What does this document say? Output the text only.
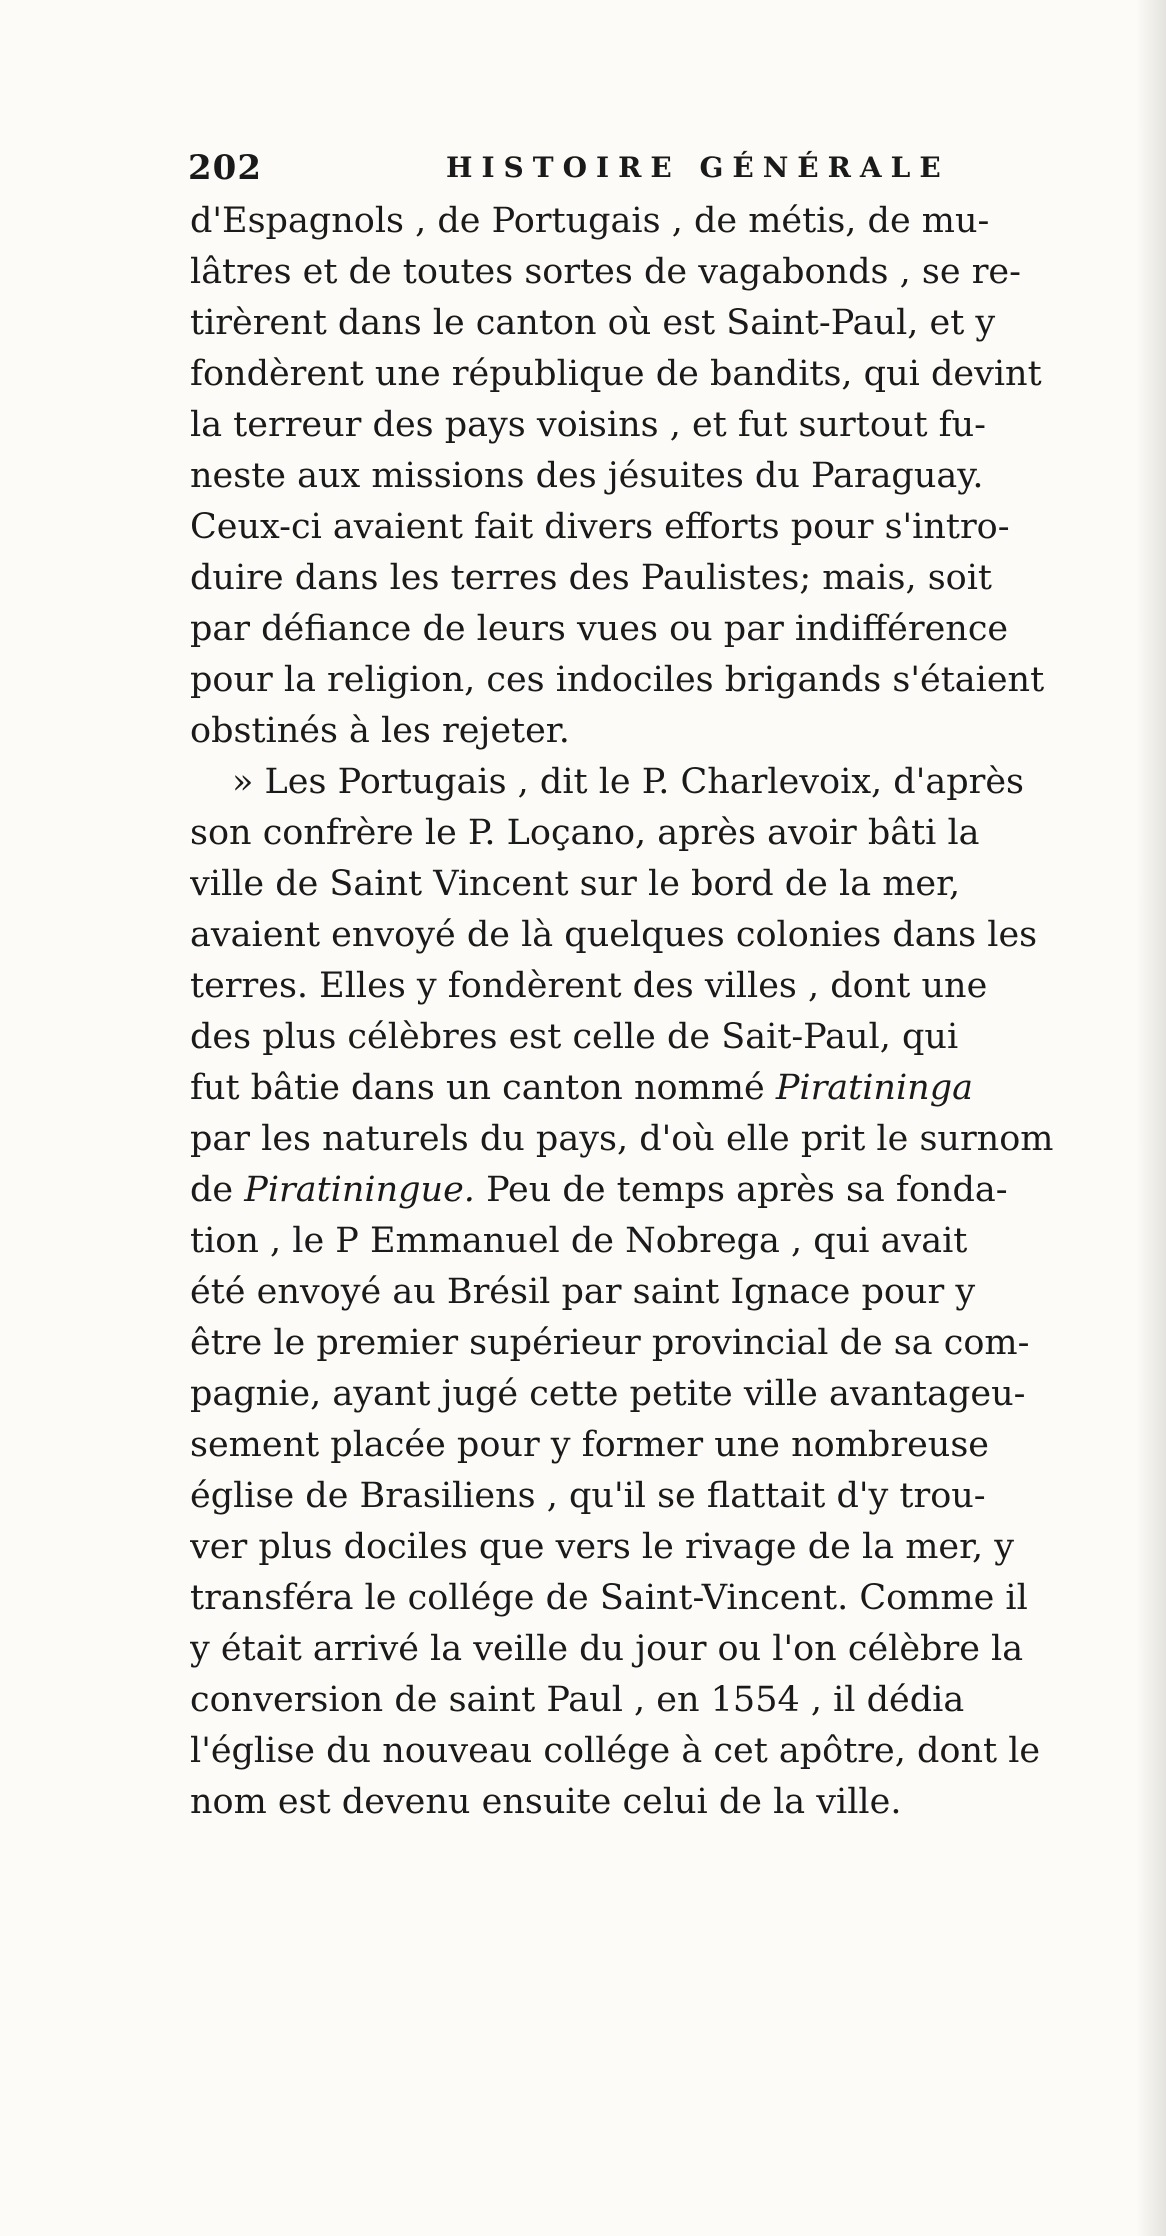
202	HISTOIRE GÉNÉRALE
d'Espagnols , de Portugais , de métis, de mu-
lâtres et de toutes sortes de vagabonds , se re-
tirèrent dans le canton où est Saint-Paul, et y
fondèrent une république de bandits, qui devint
la terreur des pays voisins , et fut surtout fu-
neste aux missions des jésuites du Paraguay.
Ceux-ci avaient fait divers efforts pour s'intro-
duire dans les terres des Paulistes; mais, soit
par défiance de leurs vues ou par indifférence
pour la religion, ces indociles brigands s'étaient
obstinés à les rejeter.
» Les Portugais , dit le P. Charlevoix, d'après
son confrère le P. Loçano, après avoir bâti la
ville de Saint Vincent sur le bord de la mer,
avaient envoyé de là quelques colonies dans les
terres. Elles y fondèrent des villes , dont une
des plus célèbres est celle de Sait-Paul, qui
fut bâtie dans un canton nommé Piratininga
par les naturels du pays, d'où elle prit le surnom
de Piratiningue. Peu de temps après sa fonda-
tion , le P Emmanuel de Nobrega , qui avait
été envoyé au Brésil par saint Ignace pour y
être le premier supérieur provincial de sa com-
pagnie, ayant jugé cette petite ville avantageu-
sement placée pour y former une nombreuse
église de Brasiliens , qu'il se flattait d'y trou-
ver plus dociles que vers le rivage de la mer, y
transféra le collége de Saint-Vincent. Comme il
y était arrivé la veille du jour ou l'on célèbre la
conversion de saint Paul , en 1554 , il dédia
l'église du nouveau collége à cet apôtre, dont le
nom est devenu ensuite celui de la ville.
